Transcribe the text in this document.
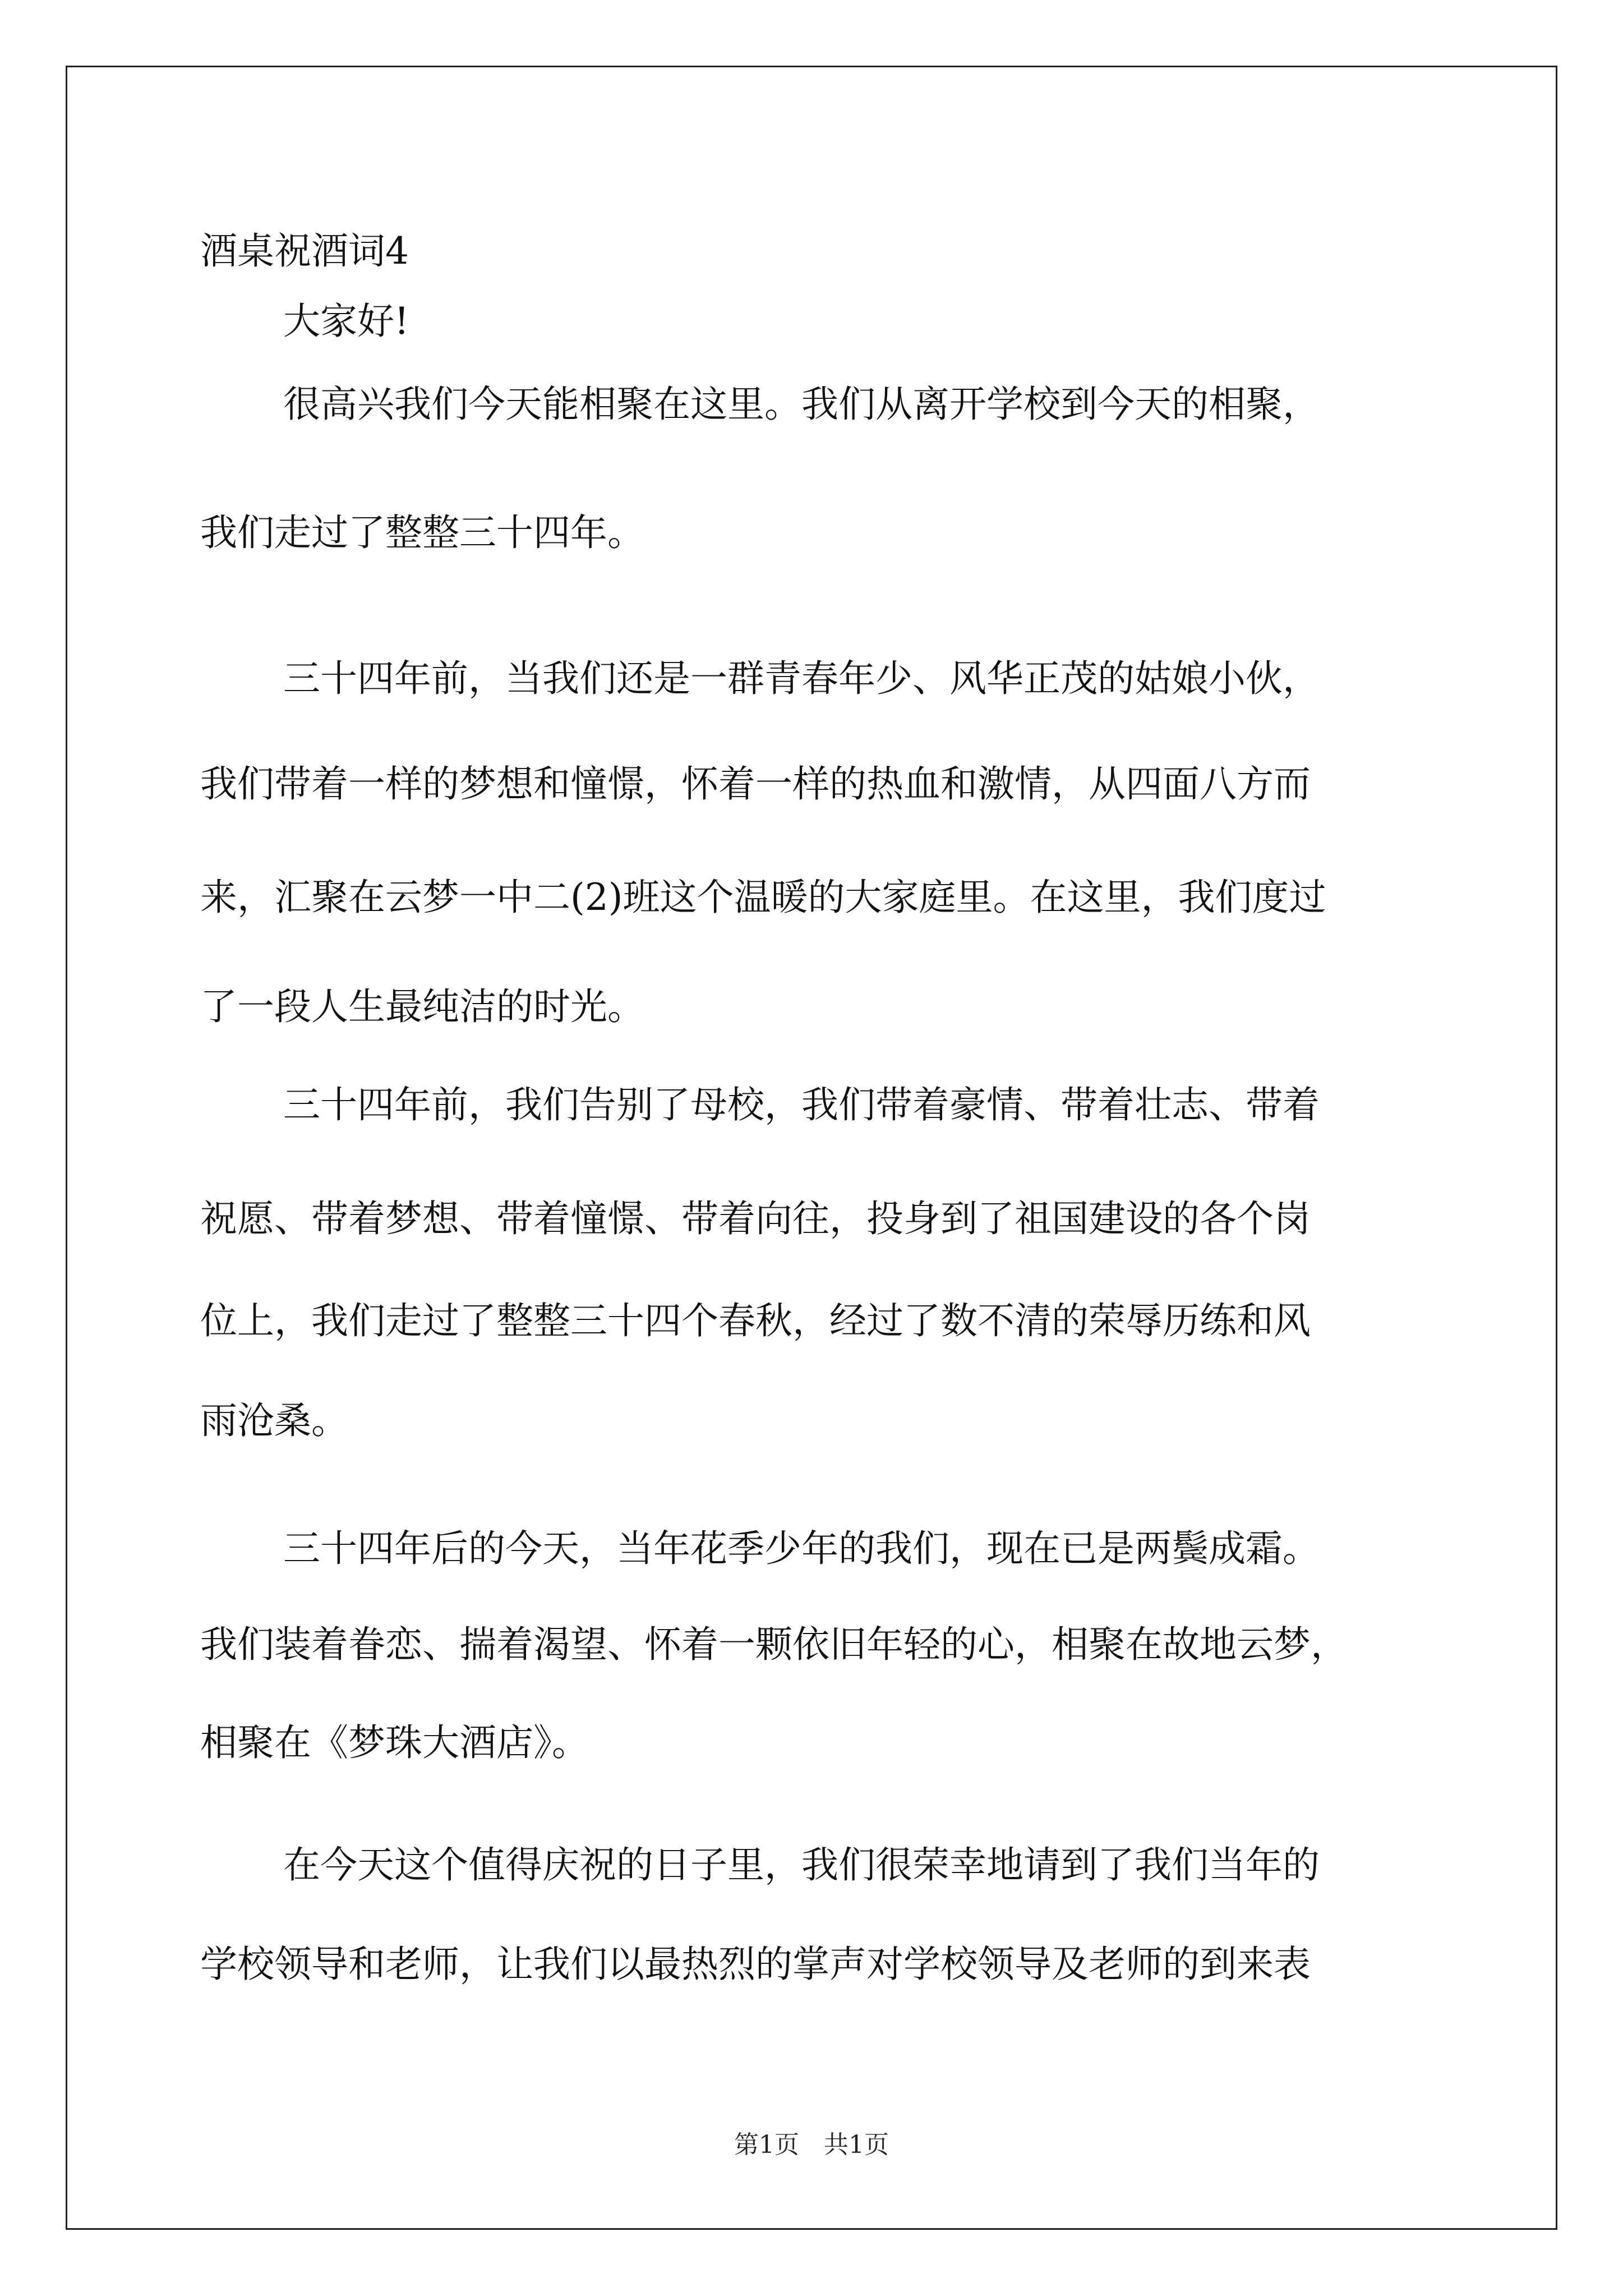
酒桌祝酒词4
大家好!
很高兴我们今天能相聚在这里。我们从离开学校到今天的相聚，
我们走过了整整三十四年。
三十四年前，当我们还是一群青春年少、风华正茂的姑娘小伙，
我们带着一样的梦想和憧憬，怀着一样的热血和激情，从四面八方而
来，汇聚在云梦一中二(2)班这个温暖的大家庭里。在这里，我们度过
了一段人生最纯洁的时光。
三十四年前，我们告别了母校，我们带着豪情、带着壮志、带着
祝愿、带着梦想、带着憧憬、带着向往，投身到了祖国建设的各个岗
位上，我们走过了整整三十四个春秋，经过了数不清的荣辱历练和风
雨沧桑。
三十四年后的今天，当年花季少年的我们，现在已是两鬓成霜。
我们装着眷恋、揣着渴望、怀着一颗依旧年轻的心，相聚在故地云梦，
相聚在《梦珠大酒店》。
在今天这个值得庆祝的日子里，我们很荣幸地请到了我们当年的
学校领导和老师，让我们以最热烈的掌声对学校领导及老师的到来表
第1页　共1页
